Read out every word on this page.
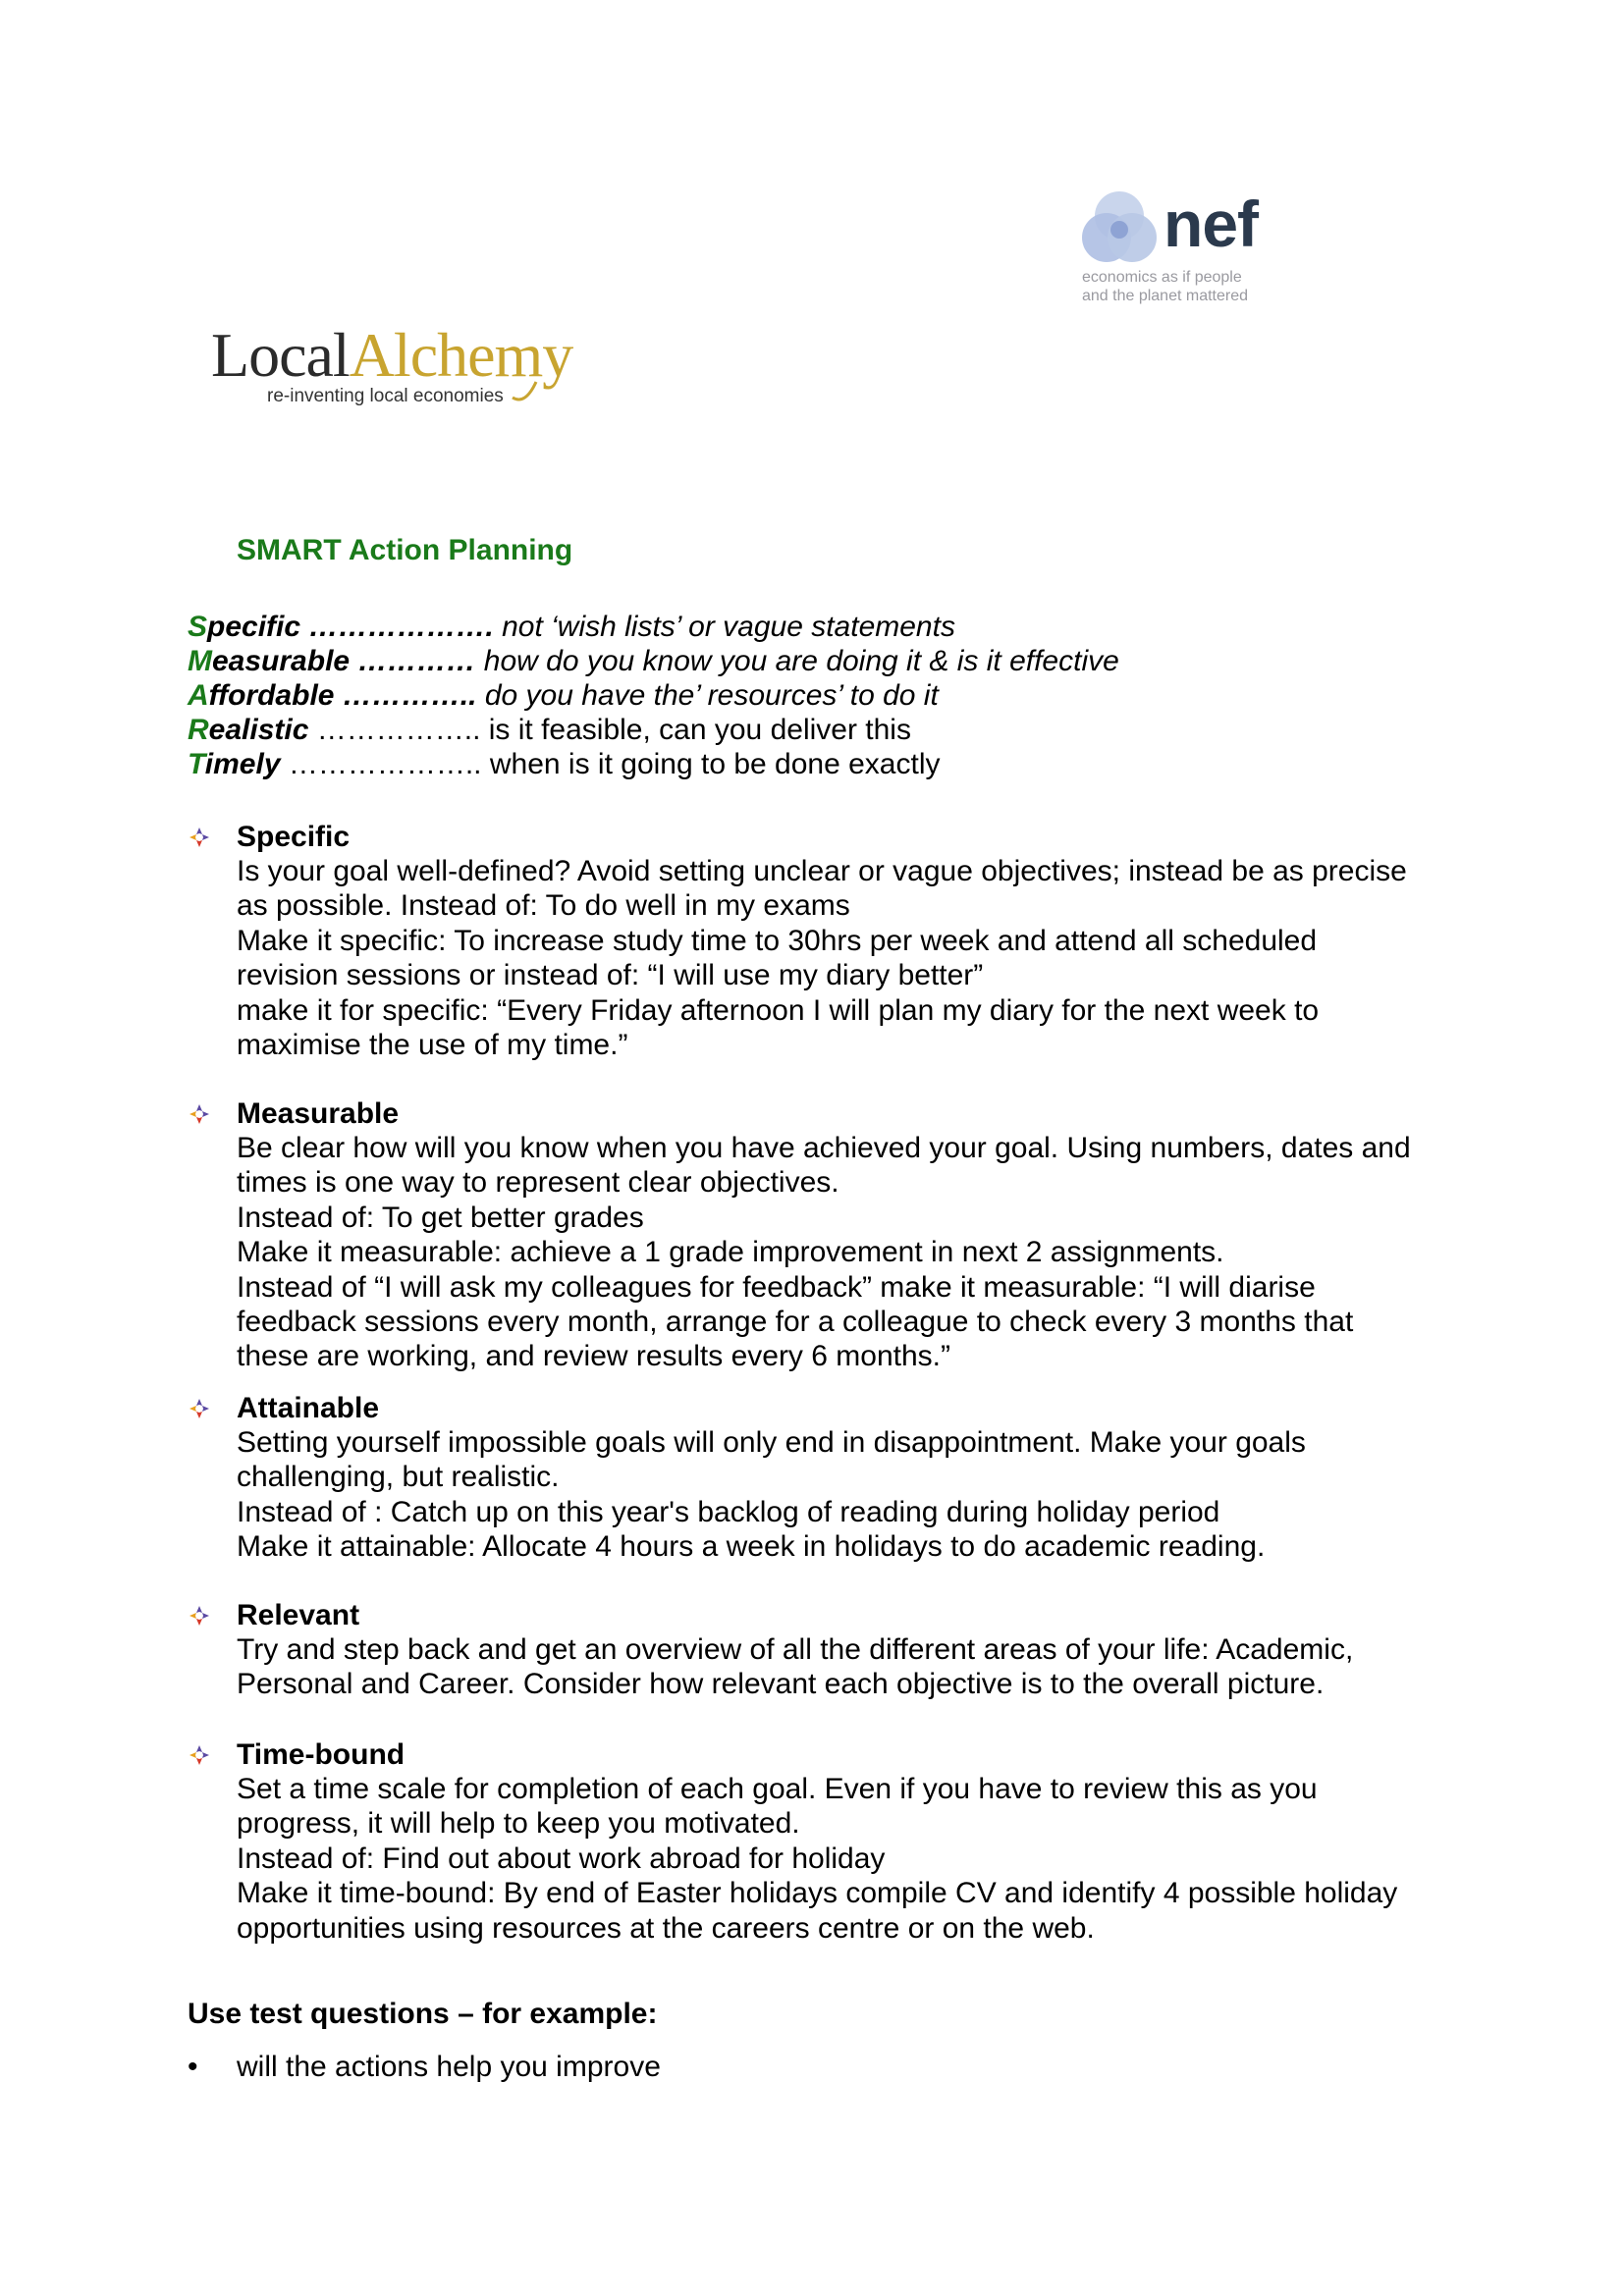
nef
economics as if people
and the planet mattered
LocalAlchemy
re-inventing local economies
SMART Action Planning
Specific ………………. not ‘wish lists’ or vague statements
Measurable ………… how do you know you are doing it & is it effective
Affordable ………….. do you have the’ resources’ to do it
Realistic …………….. is it feasible, can you deliver this
Timely ……………….. when is it going to be done exactly
Specific
Is your goal well-defined? Avoid setting unclear or vague objectives; instead be as precise
as possible. Instead of: To do well in my exams
Make it specific: To increase study time to 30hrs per week and attend all scheduled
revision sessions or instead of: “I will use my diary better”
make it for specific: “Every Friday afternoon I will plan my diary for the next week to
maximise the use of my time.”
Measurable
Be clear how will you know when you have achieved your goal. Using numbers, dates and
times is one way to represent clear objectives.
Instead of: To get better grades
Make it measurable: achieve a 1 grade improvement in next 2 assignments.
Instead of “I will ask my colleagues for feedback” make it measurable: “I will diarise
feedback sessions every month, arrange for a colleague to check every 3 months that
these are working, and review results every 6 months.”
Attainable
Setting yourself impossible goals will only end in disappointment. Make your goals
challenging, but realistic.
Instead of : Catch up on this year's backlog of reading during holiday period
Make it attainable: Allocate 4 hours a week in holidays to do academic reading.
Relevant
Try and step back and get an overview of all the different areas of your life: Academic,
Personal and Career. Consider how relevant each objective is to the overall picture.
Time-bound
Set a time scale for completion of each goal. Even if you have to review this as you
progress, it will help to keep you motivated.
Instead of: Find out about work abroad for holiday
Make it time-bound: By end of Easter holidays compile CV and identify 4 possible holiday
opportunities using resources at the careers centre or on the web.
Use test questions – for example:
•	will the actions help you improve
